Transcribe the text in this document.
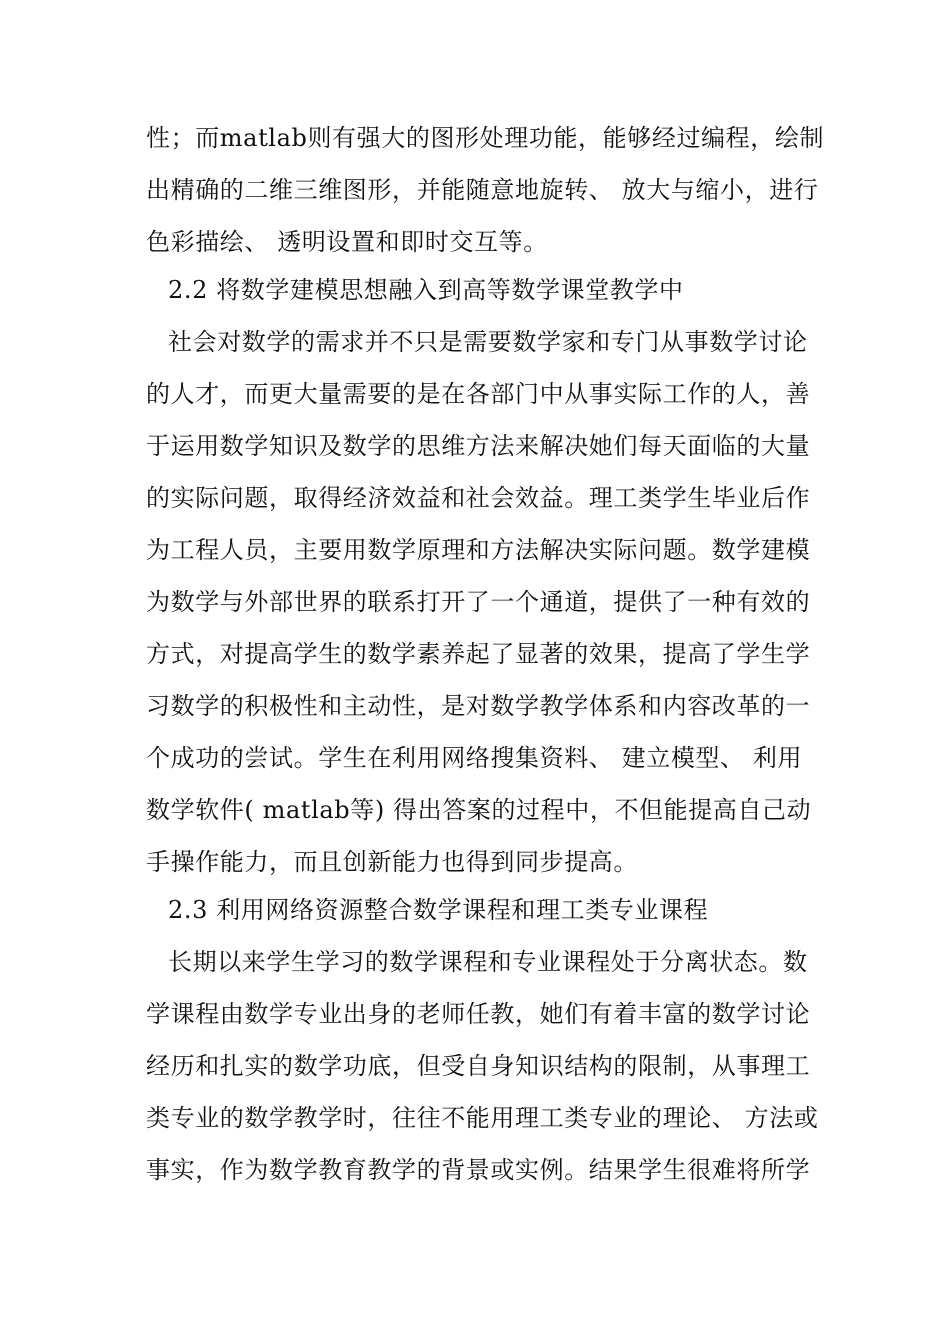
性；而matlab则有强大的图形处理功能，能够经过编程，绘制
出精确的二维三维图形，并能随意地旋转、 放大与缩小，进行
色彩描绘、 透明设置和即时交互等。
2.2 将数学建模思想融入到高等数学课堂教学中
社会对数学的需求并不只是需要数学家和专门从事数学讨论
的人才，而更大量需要的是在各部门中从事实际工作的人，善
于运用数学知识及数学的思维方法来解决她们每天面临的大量
的实际问题，取得经济效益和社会效益。理工类学生毕业后作
为工程人员，主要用数学原理和方法解决实际问题。数学建模
为数学与外部世界的联系打开了一个通道，提供了一种有效的
方式，对提高学生的数学素养起了显著的效果，提高了学生学
习数学的积极性和主动性，是对数学教学体系和内容改革的一
个成功的尝试。学生在利用网络搜集资料、 建立模型、 利用
数学软件( matlab等) 得出答案的过程中，不但能提高自己动
手操作能力，而且创新能力也得到同步提高。
2.3 利用网络资源整合数学课程和理工类专业课程
长期以来学生学习的数学课程和专业课程处于分离状态。数
学课程由数学专业出身的老师任教，她们有着丰富的数学讨论
经历和扎实的数学功底，但受自身知识结构的限制，从事理工
类专业的数学教学时，往往不能用理工类专业的理论、 方法或
事实，作为数学教育教学的背景或实例。结果学生很难将所学
